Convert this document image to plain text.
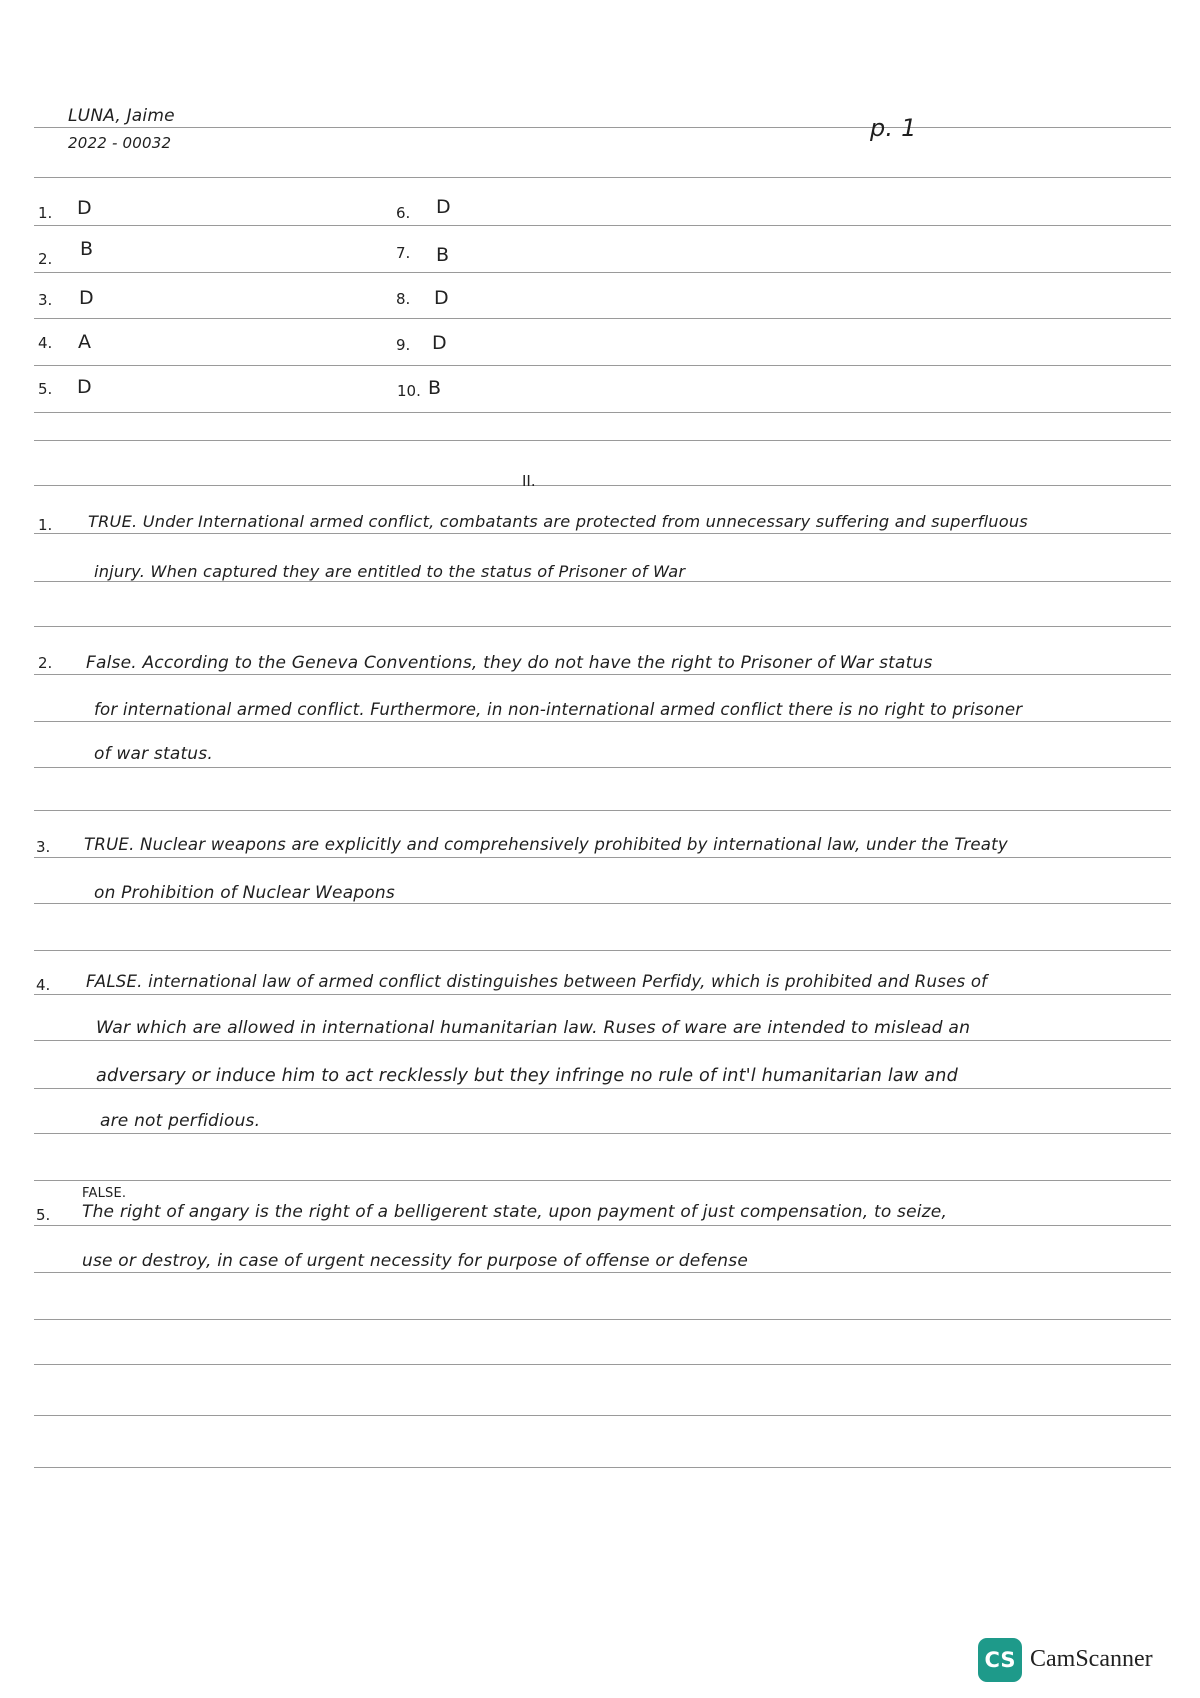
LUNA, Jaime
2022 - 00032
p. 1
1. D
2. B
3. D
4. A
5. D
6. D
7. B
8. D
9. D
10. B
II.
1. TRUE. Under International armed conflict, combatants are protected from unnecessary suffering and superfluous
injury. When captured they are entitled to the status of Prisoner of War
2. False. According to the Geneva Conventions, they do not have the right to Prisoner of War status
for international armed conflict. Furthermore, in non-international armed conflict there is no right to prisoner
of war status.
3. TRUE. Nuclear weapons are explicitly and comprehensively prohibited by international law, under the Treaty
on Prohibition of Nuclear Weapons
4. FALSE. international law of armed conflict distinguishes between Perfidy, which is prohibited and Ruses of
War which are allowed in international humanitarian law. Ruses of ware are intended to mislead an
adversary or induce him to act recklessly but they infringe no rule of int'l humanitarian law and
are not perfidious.
FALSE.
5. The right of angary is the right of a belligerent state, upon payment of just compensation, to seize,
use or destroy, in case of urgent necessity for purpose of offense or defense
CS CamScanner
